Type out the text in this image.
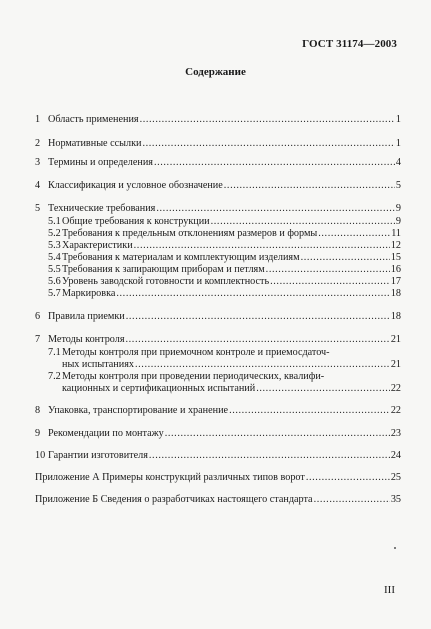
ГОСТ 31174—2003
Содержание
1 Область применения .....	1
2 Нормативные ссылки .....	1
3 Термины и определения .....	4
4 Классификация и условное обозначение .....	5
5 Технические требования .....	9
5.1 Общие требования к конструкции .....	9
5.2 Требования к предельным отклонениям размеров и формы .....	11
5.3 Характеристики .....	12
5.4 Требования к материалам и комплектующим изделиям .....	15
5.5 Требования к запирающим приборам и петлям .....	16
5.6 Уровень заводской готовности и комплектность .....	17
5.7 Маркировка .....	18
6 Правила приемки .....	18
7 Методы контроля .....	21
7.1Методы контроля при приемочном контроле и приемосдаточ-
ных испытаниях .....	21
7.2Методы контроля при проведении периодических, квалифи-
кационных и сертификационных испытаний .....	22
8 Упаковка, транспортирование и хранение .....	22
9 Рекомендации по монтажу .....	23
10 Гарантии изготовителя .....	24
Приложение А Примеры конструкций различных типов ворот .....	25
Приложение Б Сведения о разработчиках настоящего стандарта .....	35
III
